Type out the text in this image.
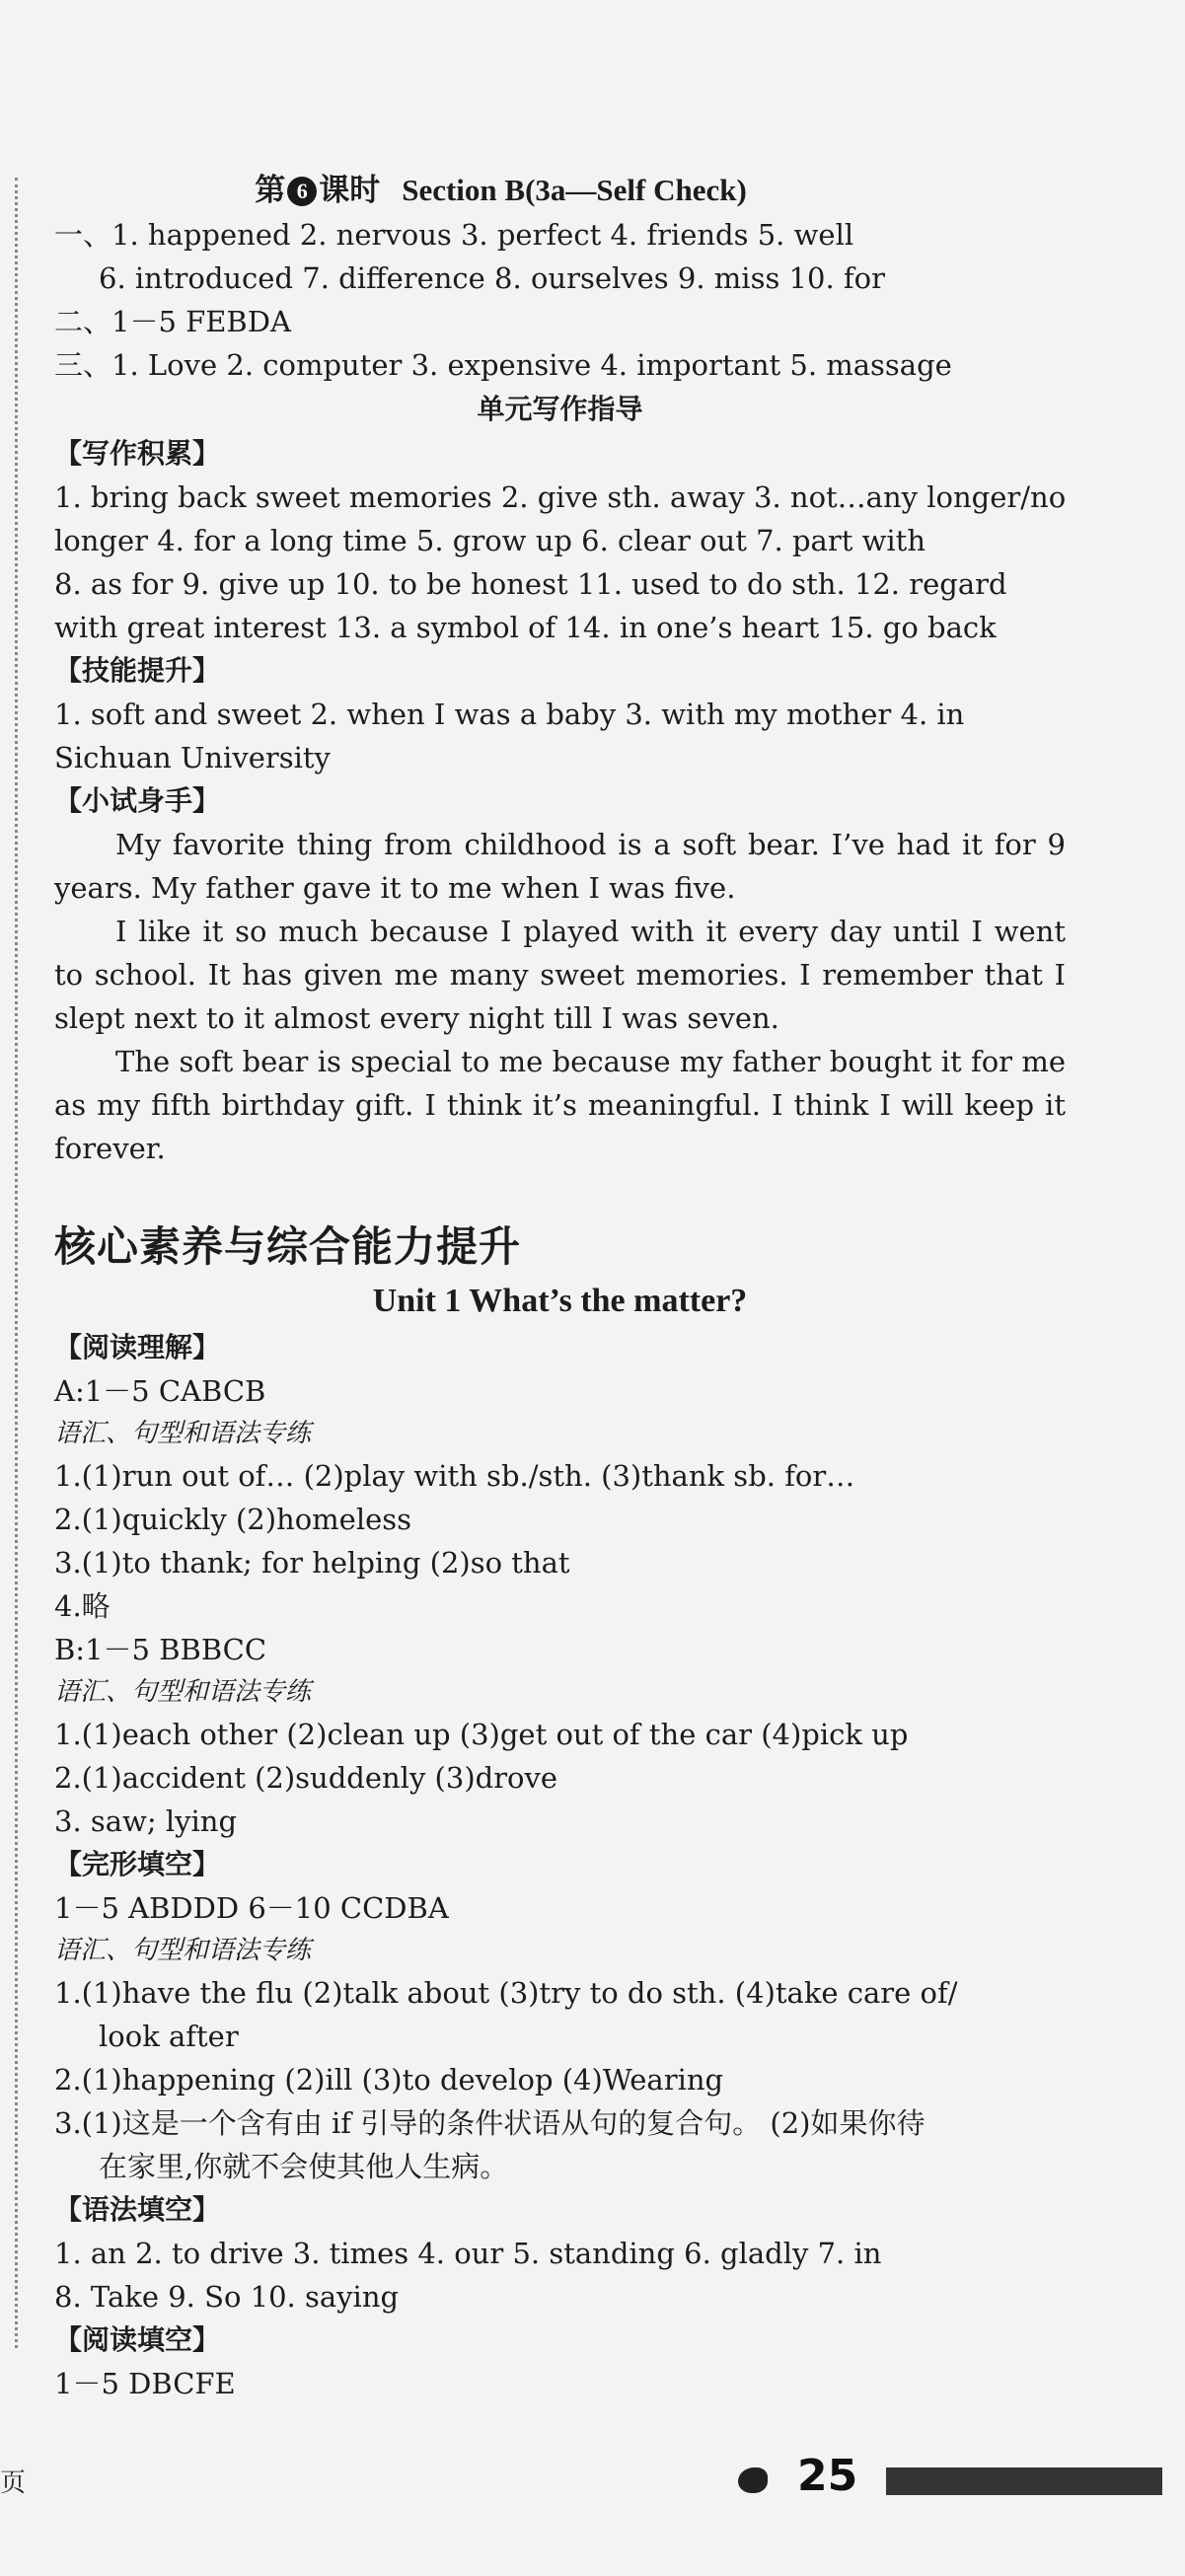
第 6 课时 Section B(3a—Self Check)
一、1. happened 2. nervous 3. perfect 4. friends 5. well
6. introduced 7. difference 8. ourselves 9. miss 10. for
二、1－5 FEBDA
三、1. Love 2. computer 3. expensive 4. important 5. massage
单元写作指导
【写作积累】
1. bring back sweet memories 2. give sth. away 3. not…any longer/no
longer 4. for a long time 5. grow up 6. clear out 7. part with
8. as for 9. give up 10. to be honest 11. used to do sth. 12. regard
with great interest 13. a symbol of 14. in one’s heart 15. go back
【技能提升】
1. soft and sweet 2. when I was a baby 3. with my mother 4. in
Sichuan University
【小试身手】
My favorite thing from childhood is a soft bear. I’ve had it for 9 years. My father gave it to me when I was five.
I like it so much because I played with it every day until I went to school. It has given me many sweet memories. I remember that I slept next to it almost every night till I was seven.
The soft bear is special to me because my father bought it for me as my fifth birthday gift. I think it’s meaningful. I think I will keep it forever.
核心素养与综合能力提升
Unit 1 What’s the matter?
【阅读理解】
A:1－5 CABCB
语汇、句型和语法专练
1.(1)run out of… (2)play with sb./sth. (3)thank sb. for…
2.(1)quickly (2)homeless
3.(1)to thank; for helping (2)so that
4.略
B:1－5 BBBCC
语汇、句型和语法专练
1.(1)each other (2)clean up (3)get out of the car (4)pick up
2.(1)accident (2)suddenly (3)drove
3. saw; lying
【完形填空】
1－5 ABDDD 6－10 CCDBA
语汇、句型和语法专练
1.(1)have the flu (2)talk about (3)try to do sth. (4)take care of/
look after
2.(1)happening (2)ill (3)to develop (4)Wearing
3.(1)这是一个含有由 if 引导的条件状语从句的复合句。 (2)如果你待
在家里,你就不会使其他人生病。
【语法填空】
1. an 2. to drive 3. times 4. our 5. standing 6. gladly 7. in
8. Take 9. So 10. saying
【阅读填空】
1－5 DBCFE
页	25
